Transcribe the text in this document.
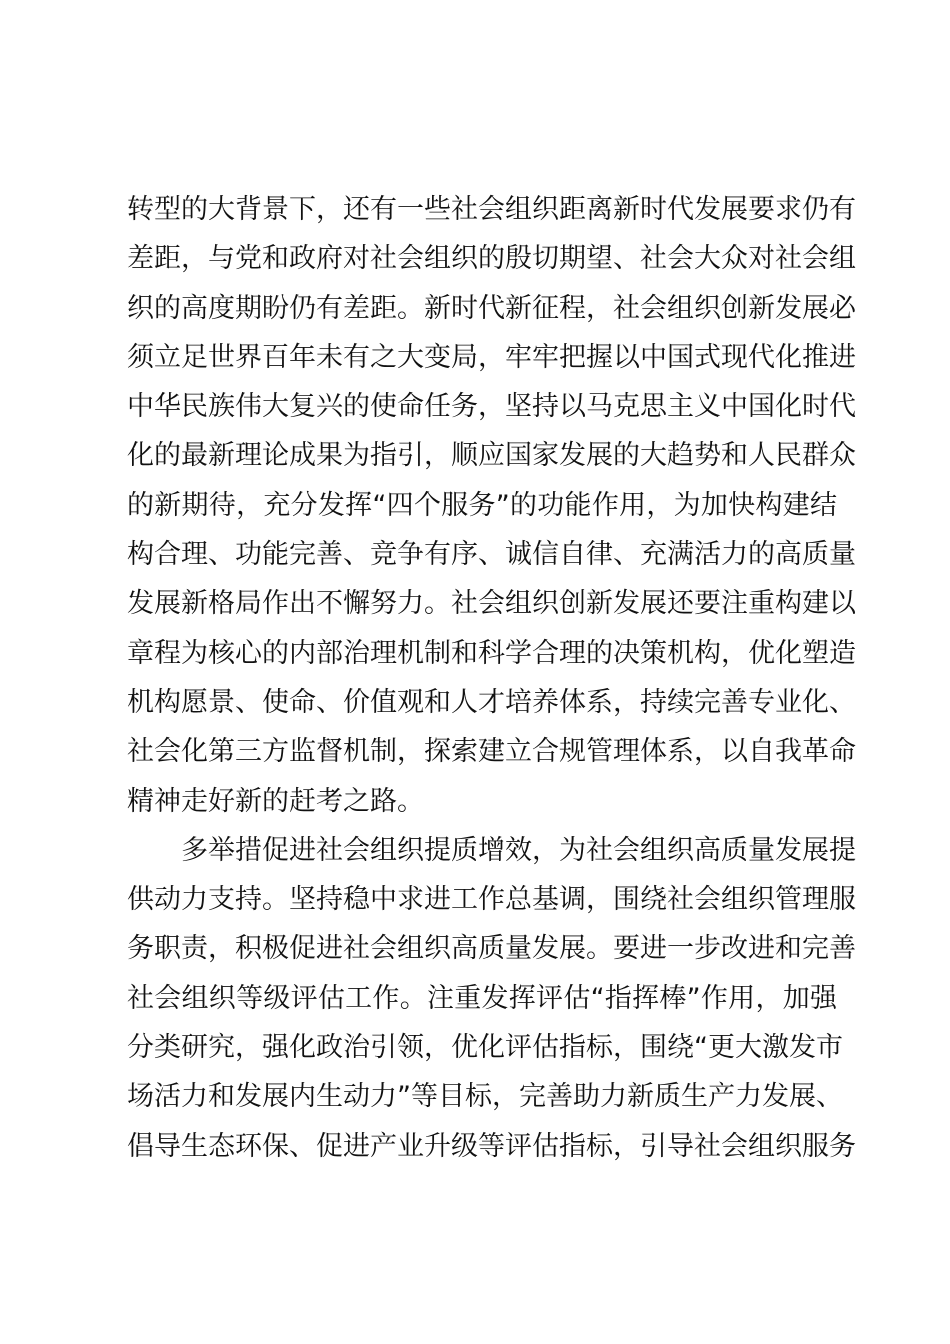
转型的大背景下，还有一些社会组织距离新时代发展要求仍有
差距，与党和政府对社会组织的殷切期望、社会大众对社会组
织的高度期盼仍有差距。新时代新征程，社会组织创新发展必
须立足世界百年未有之大变局，牢牢把握以中国式现代化推进
中华民族伟大复兴的使命任务，坚持以马克思主义中国化时代
化的最新理论成果为指引，顺应国家发展的大趋势和人民群众
的新期待，充分发挥“四个服务”的功能作用，为加快构建结
构合理、功能完善、竞争有序、诚信自律、充满活力的高质量
发展新格局作出不懈努力。社会组织创新发展还要注重构建以
章程为核心的内部治理机制和科学合理的决策机构，优化塑造
机构愿景、使命、价值观和人才培养体系，持续完善专业化、
社会化第三方监督机制，探索建立合规管理体系，以自我革命
精神走好新的赶考之路。
多举措促进社会组织提质增效，为社会组织高质量发展提
供动力支持。坚持稳中求进工作总基调，围绕社会组织管理服
务职责，积极促进社会组织高质量发展。要进一步改进和完善
社会组织等级评估工作。注重发挥评估“指挥棒”作用，加强
分类研究，强化政治引领，优化评估指标，围绕“更大激发市
场活力和发展内生动力”等目标，完善助力新质生产力发展、
倡导生态环保、促进产业升级等评估指标，引导社会组织服务
